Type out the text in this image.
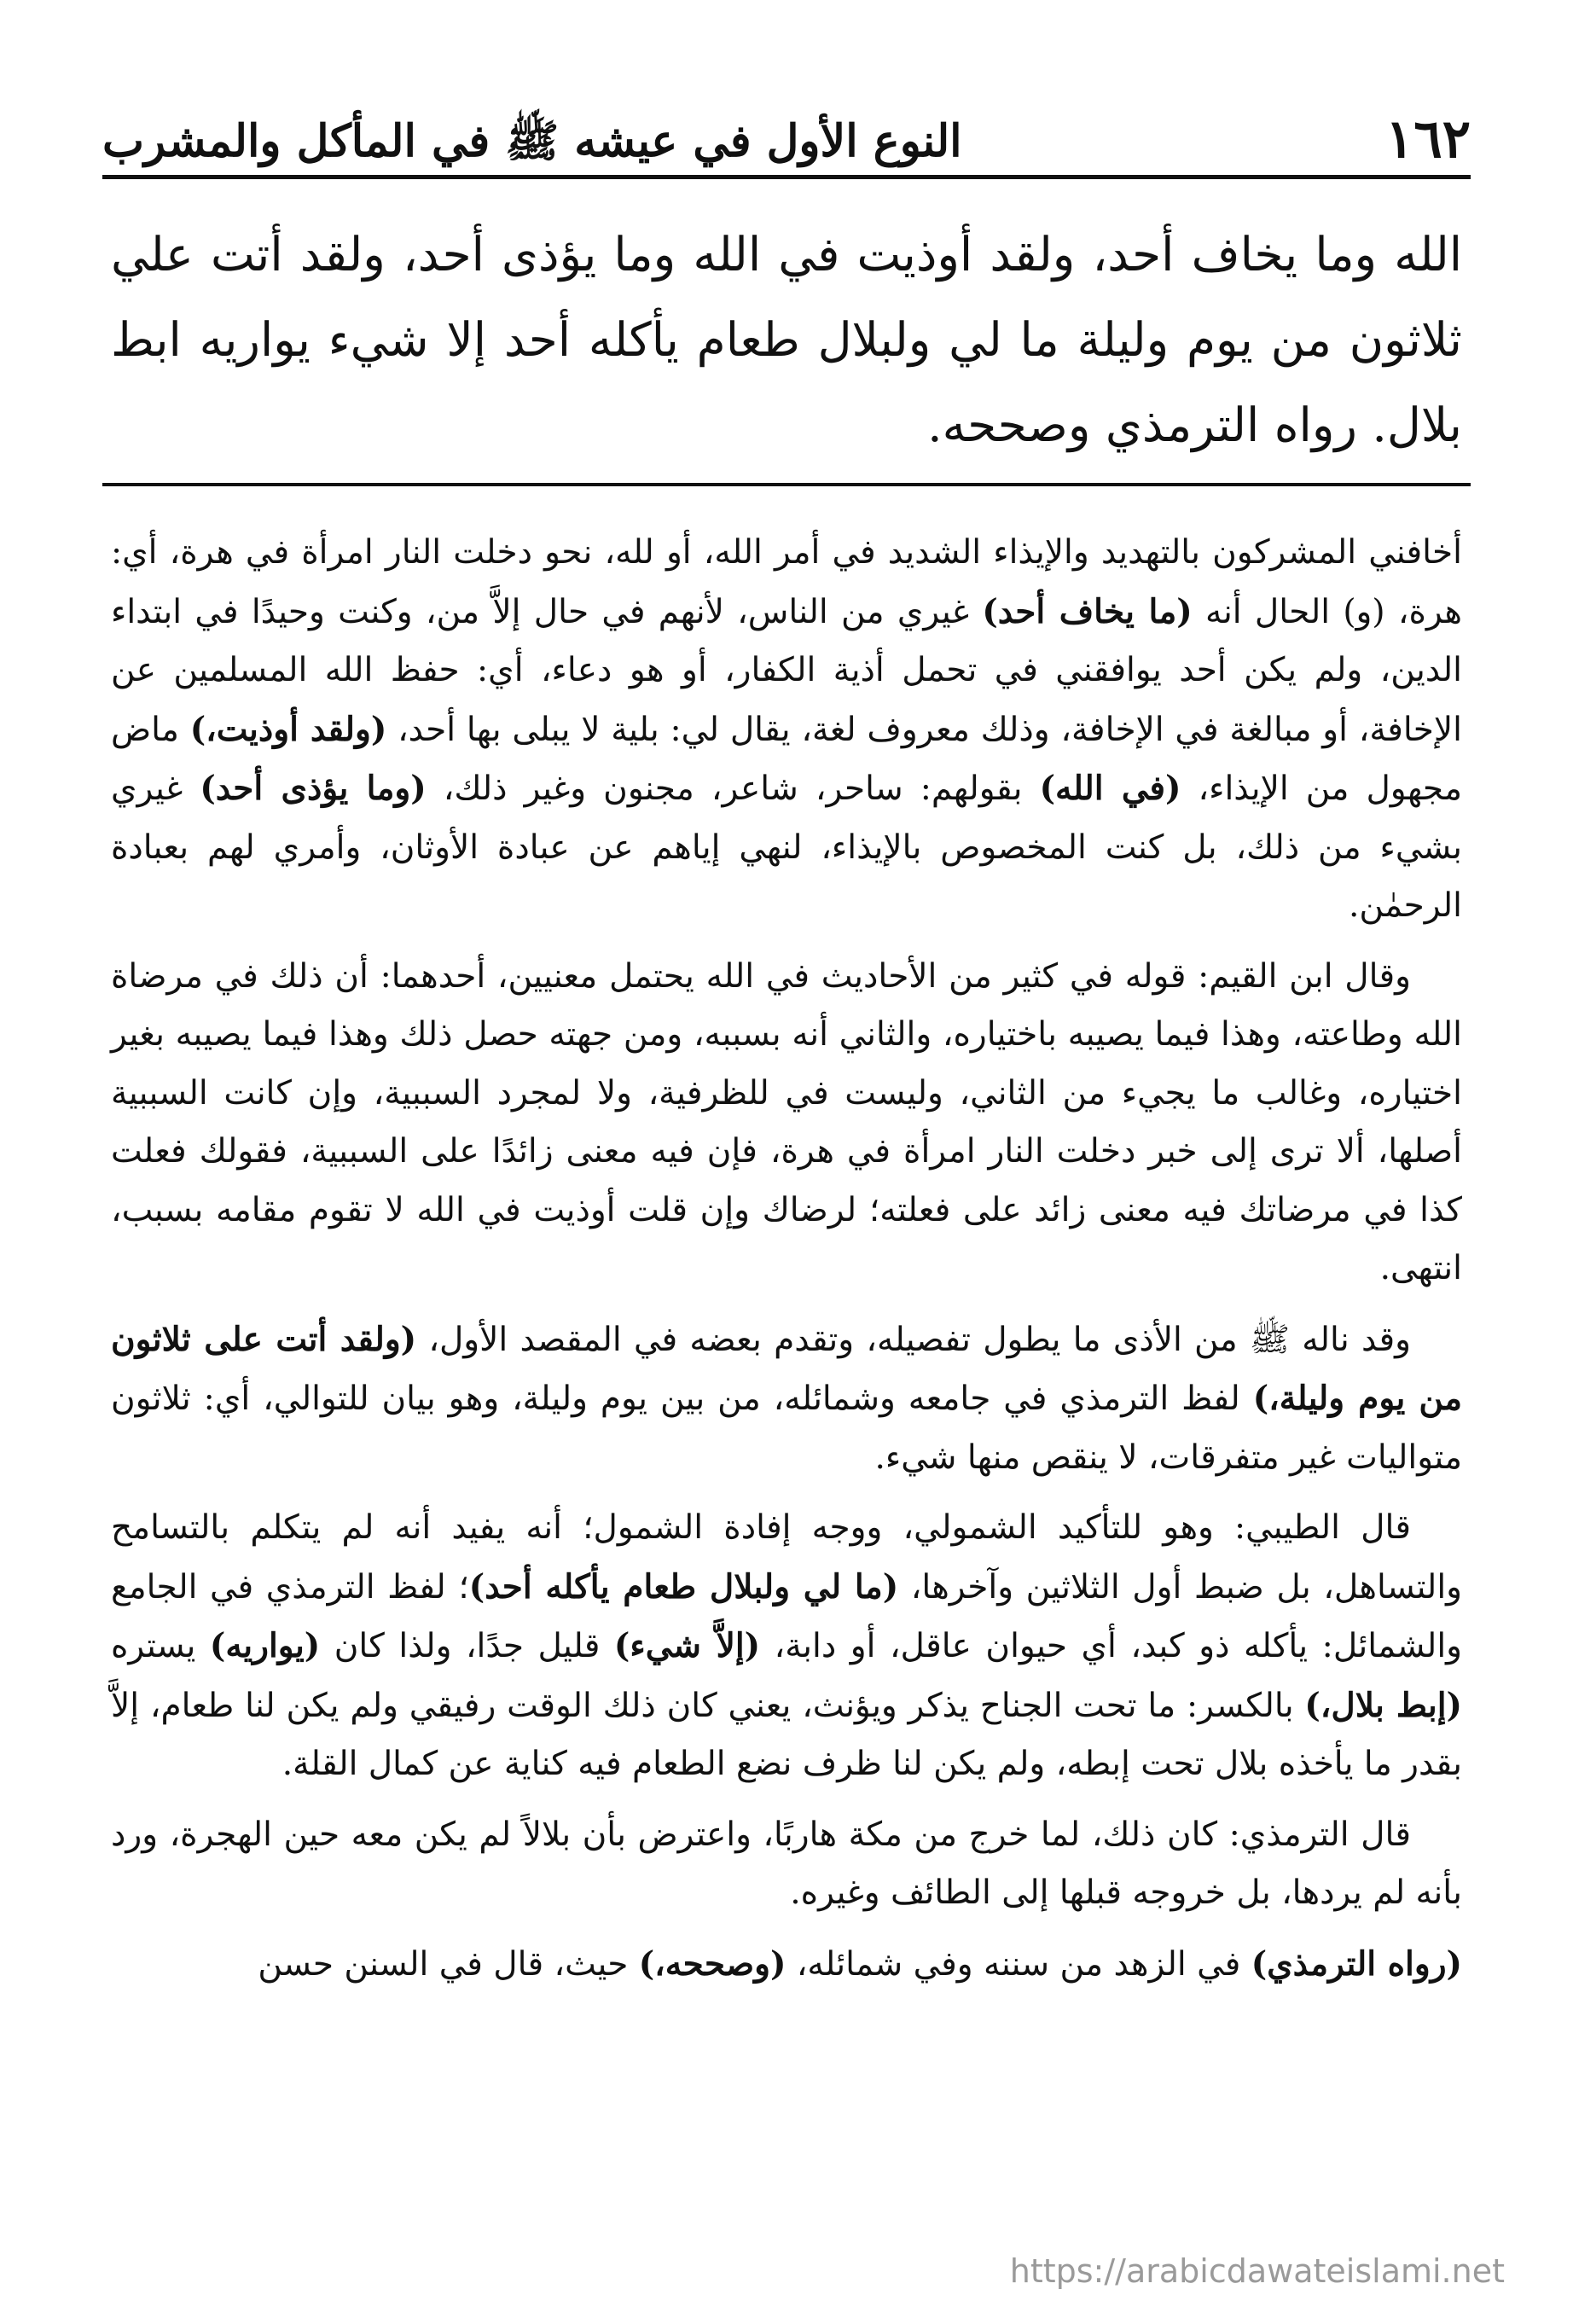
١٦٢
النوع الأول في عيشه ﷺ في المأكل والمشرب
الله وما يخاف أحد، ولقد أوذيت في الله وما يؤذى أحد، ولقد أتت علي ثلاثون من يوم وليلة ما لي ولبلال طعام يأكله أحد إلا شيء يواريه ابط بلال. رواه الترمذي وصححه.

أخافني المشركون بالتهديد والإيذاء الشديد في أمر الله، أو لله، نحو دخلت النار امرأة في هرة، أي: هرة، (و) الحال أنه (ما يخاف أحد) غيري من الناس، لأنهم في حال إلاَّ من، وكنت وحيدًا في ابتداء الدين، ولم يكن أحد يوافقني في تحمل أذية الكفار، أو هو دعاء، أي: حفظ الله المسلمين عن الإخافة، أو مبالغة في الإخافة، وذلك معروف لغة، يقال لي: بلية لا يبلى بها أحد، (ولقد أوذيت،) ماض مجهول من الإيذاء، (في الله) بقولهم: ساحر، شاعر، مجنون وغير ذلك، (وما يؤذى أحد) غيري بشيء من ذلك، بل كنت المخصوص بالإيذاء، لنهي إياهم عن عبادة الأوثان، وأمري لهم بعبادة الرحمٰن.

وقال ابن القيم: قوله في كثير من الأحاديث في الله يحتمل معنيين، أحدهما: أن ذلك في مرضاة الله وطاعته، وهذا فيما يصيبه باختياره، والثاني أنه بسببه، ومن جهته حصل ذلك وهذا فيما يصيبه بغير اختياره، وغالب ما يجيء من الثاني، وليست في للظرفية، ولا لمجرد السببية، وإن كانت السببية أصلها، ألا ترى إلى خبر دخلت النار امرأة في هرة، فإن فيه معنى زائدًا على السببية، فقولك فعلت كذا في مرضاتك فيه معنى زائد على فعلته؛ لرضاك وإن قلت أوذيت في الله لا تقوم مقامه بسبب، انتهى.

وقد ناله ﷺ من الأذى ما يطول تفصيله، وتقدم بعضه في المقصد الأول، (ولقد أتت على ثلاثون من يوم وليلة،) لفظ الترمذي في جامعه وشمائله، من بين يوم وليلة، وهو بيان للتوالي، أي: ثلاثون متواليات غير متفرقات، لا ينقص منها شيء.

قال الطيبي: وهو للتأكيد الشمولي، ووجه إفادة الشمول؛ أنه يفيد أنه لم يتكلم بالتسامح والتساهل، بل ضبط أول الثلاثين وآخرها، (ما لي ولبلال طعام يأكله أحد)؛ لفظ الترمذي في الجامع والشمائل: يأكله ذو كبد، أي حيوان عاقل، أو دابة، (إلاَّ شيء) قليل جدًا، ولذا كان (يواريه) يستره (إبط بلال،) بالكسر: ما تحت الجناح يذكر ويؤنث، يعني كان ذلك الوقت رفيقي ولم يكن لنا طعام، إلاَّ بقدر ما يأخذه بلال تحت إبطه، ولم يكن لنا ظرف نضع الطعام فيه كناية عن كمال القلة.

قال الترمذي: كان ذلك، لما خرج من مكة هاربًا، واعترض بأن بلالاً لم يكن معه حين الهجرة، ورد بأنه لم يردها، بل خروجه قبلها إلى الطائف وغيره.

(رواه الترمذي) في الزهد من سننه وفي شمائله، (وصححه،) حيث، قال في السنن حسن

https://arabicdawateislami.net
